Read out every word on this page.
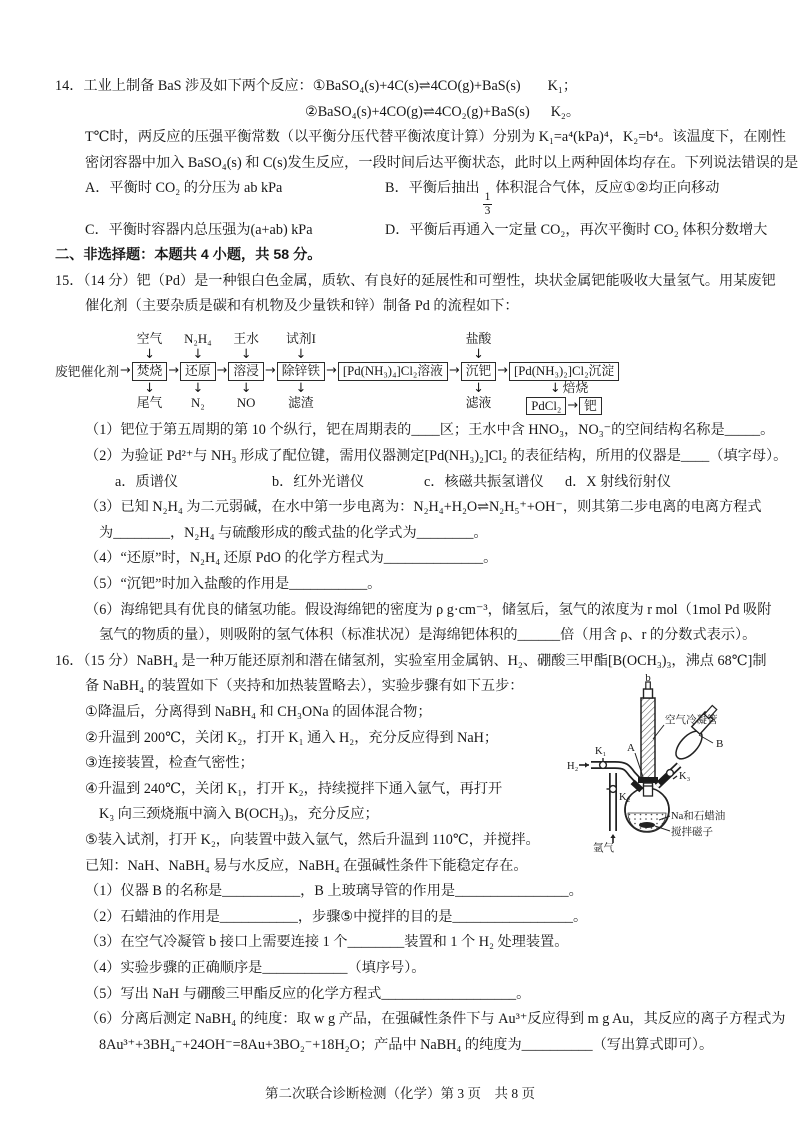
14．工业上制备 BaS 涉及如下两个反应：①BaSO₄(s)+4C(s)⇌4CO(g)+BaS(s) K₁；
②BaSO₄(s)+4CO(g)⇌4CO₂(g)+BaS(s) K₂。
T℃时，两反应的压强平衡常数（以平衡分压代替平衡浓度计算）分别为 K₁=a⁴(kPa)⁴，K₂=b⁴。该温度下，在刚性
密闭容器中加入 BaSO₄(s) 和 C(s)发生反应，一段时间后达平衡状态，此时以上两种固体均存在。下列说法错误的是
A．平衡时 CO₂ 的分压为 ab kPa	B．平衡后抽出
$\frac{1}{3}$
体积混合气体，反应①②均正向移动
C．平衡时容器内总压强为(a+ab) kPa	D．平衡后再通入一定量 CO₂，再次平衡时 CO₂ 体积分数增大
二、非选择题：本题共 4 小题，共 58 分。
15．（14 分）钯（Pd）是一种银白色金属，质软、有良好的延展性和可塑性，块状金属钯能吸收大量氢气。用某废钯
催化剂（主要杂质是碳和有机物及少量铁和锌）制备 Pd 的流程如下：
废钯催化剂
→
空气
↓
焚烧
↓
尾气
→
N₂H₄
↓
还原
↓
N₂
→
王水
↓
溶浸
↓
NO
→
试剂I
↓
除锌铁
↓
滤渣
→
[Pd(NH₃)₄]Cl₂溶液
→
盐酸
↓
沉钯
↓
滤液
→
[Pd(NH₃)₂]Cl₂沉淀
↓
焙烧
PdCl₂ →	钯
（1）钯位于第五周期的第 10 个纵行，钯在周期表的____区；王水中含 HNO₃，NO₃⁻的空间结构名称是_____。
（2）为验证 Pd²⁺与 NH₃ 形成了配位键，需用仪器测定[Pd(NH₃)₂]Cl₂ 的表征结构，所用的仪器是____（填字母）。
a．质谱仪	b．红外光谱仪	c．核磁共振氢谱仪	d．X 射线衍射仪
（3）已知 N₂H₄ 为二元弱碱，在水中第一步电离为：N₂H₄+H₂O⇌N₂H₅⁺+OH⁻，则其第二步电离的电离方程式
为________，N₂H₄ 与硫酸形成的酸式盐的化学式为________。
（4）“还原”时，N₂H₄ 还原 PdO 的化学方程式为______________。
（5）“沉钯”时加入盐酸的作用是___________。
（6）海绵钯具有优良的储氢功能。假设海绵钯的密度为 ρ g·cm⁻³，储氢后，氢气的浓度为 r mol（1mol Pd 吸附
氢气的物质的量），则吸附的氢气体积（标准状况）是海绵钯体积的______倍（用含 ρ、r 的分数式表示）。
b
空气冷凝管
A	B
K₁
K₂
K₃
H₂
氩气
Na和石蜡油
搅拌磁子
16．（15 分）NaBH₄ 是一种万能还原剂和潜在储氢剂，实验室用金属钠、H₂、硼酸三甲酯[B(OCH₃)₃，沸点 68℃]制
备 NaBH₄ 的装置如下（夹持和加热装置略去），实验步骤有如下五步：
①降温后，分离得到 NaBH₄ 和 CH₃ONa 的固体混合物；
②升温到 200℃，关闭 K₂，打开 K₁ 通入 H₂，充分反应得到 NaH；
③连接装置，检查气密性；
④升温到 240℃，关闭 K₁，打开 K₂，持续搅拌下通入氩气，再打开
K₃ 向三颈烧瓶中滴入 B(OCH₃)₃，充分反应；
⑤装入试剂，打开 K₂，向装置中鼓入氩气，然后升温到 110℃，并搅拌。
已知：NaH、NaBH₄ 易与水反应，NaBH₄ 在强碱性条件下能稳定存在。
（1）仪器 B 的名称是___________，B 上玻璃导管的作用是________________。
（2）石蜡油的作用是___________，步骤⑤中搅拌的目的是_________________。
（3）在空气冷凝管 b 接口上需要连接 1 个________装置和 1 个 H₂ 处理装置。
（4）实验步骤的正确顺序是____________（填序号）。
（5）写出 NaH 与硼酸三甲酯反应的化学方程式___________________。
（6）分离后测定 NaBH₄ 的纯度：取 w g 产品，在强碱性条件下与 Au³⁺反应得到 m g Au，其反应的离子方程式为
8Au³⁺+3BH₄⁻+24OH⁻=8Au+3BO₂⁻+18H₂O；产品中 NaBH₄ 的纯度为__________（写出算式即可）。
第二次联合诊断检测（化学）第 3 页　共 8 页
